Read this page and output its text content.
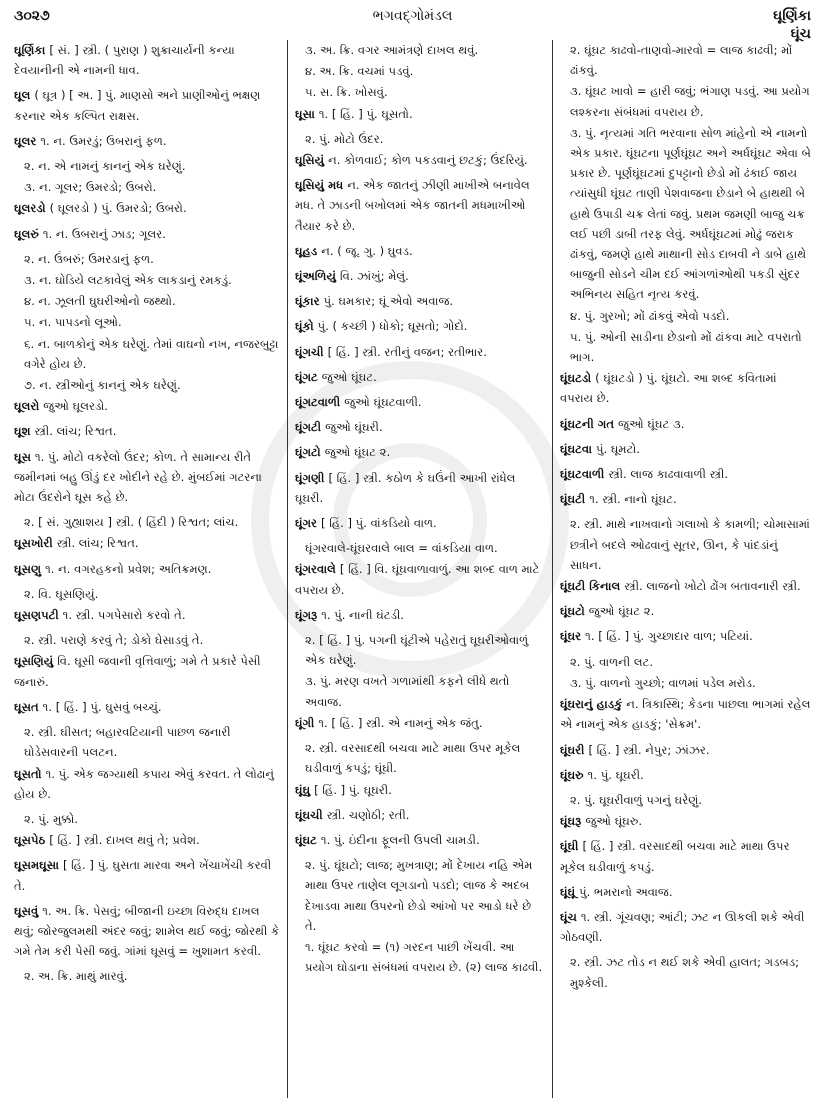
૩૦૨૭	ભગવદ્ગોમંડલ	ઘૂર્ણિકા
ઘૂંચ
ઘૂર્ણિકા [ સં. ] સ્ત્રી. ( પુરાણ ) શુક્રાચાર્યની કન્યા દેવયાનીની એ નામની ધાવ.
ઘૂલ ( ઘૂત્ર ) [ અ. ] પું. માણસો અને પ્રાણીઓનું ભક્ષણ કરનાર એક કલ્પિત રાક્ષસ.
ઘૂલર ૧. ન. ઉમરડું; ઉબરાનું ફળ.
૨. ન. એ નામનું કાનનું એક ઘરેણું.
૩. ન. ગૂલર; ઉમરડો; ઉબરો.
ઘૂલરડો ( ઘૂલરડો ) પું. ઉમરડો; ઉબરો.
ઘૂલરું ૧. ન. ઉબરાનું ઝાડ; ગૂલર.
૨. ન. ઉંબરું; ઉમરડાનું ફળ.
૩. ન. ઘોડિયે લટકાવેલું એક લાકડાનું રમકડું.
૪. ન. ઝૂલતી ઘુઘરીઓનો જથ્થો.
૫. ન. પાપડનો લૂઓ.
૬. ન. બાળકોનું એક ઘરેણું. તેમાં વાઘનો નખ, નજરબુટ્ટા વગેરે હોય છે.
૭. ન. સ્ત્રીઓનું કાનનું એક ઘરેણું.
ઘૂલરો જુઓ ઘૂલરડો.
ઘૂશ સ્ત્રી. લાંચ; રિશ્વત.
ઘૂસ ૧. પું. મોટો વકરેલો ઉંદર; કોળ. તે સામાન્ય રીતે જમીનમાં બહુ ઊંડું દર ખોદીને રહે છે. મુંબઈમાં ગટરના મોટા ઉંદરોને ઘૂસ કહે છે.
૨. [ સં. ગુહ્યાશય ] સ્ત્રી. ( હિંદી ) રિશ્વત; લાંચ.
ઘૂસખોરી સ્ત્રી. લાંચ; રિશ્વત.
ઘૂસણુ ૧. ન. વગરહકનો પ્રવેશ; અતિક્રમણ.
૨. વિ. ઘૂસણિયું.
ઘૂસણપટી ૧. સ્ત્રી. પગપેસારો કરવો તે.
૨. સ્ત્રી. પરાણે કરવું તે; ડોકો ઘેસાડવું તે.
ઘૂસણિયું વિ. ઘૂસી જવાની વૃત્તિવાળું; ગમે તે પ્રકારે પેસી જનારું.
ઘૂસત ૧. [ હિં. ] પું. ઘુસવું બચ્ચું.
૨. સ્ત્રી. ઘીસત; બહારવટિયાની પાછળ જનારી ઘોડેસવારની પલટન.
ઘૂસતો ૧. પું. એક જગ્યાથી કપાય એવું કરવત. તે લોઢાનું હોય છે.
૨. પું. મુક્કો.
ઘૂસપેઠ [ હિં. ] સ્ત્રી. દાખલ થવું તે; પ્રવેશ.
ઘૂસમઘૂસા [ હિં. ] પું. ઘુસતા મારવા અને ખેંચાખેંચી કરવી તે.
ઘૂસવું ૧. અ. ક્રિ. પેસવું; બીજાની ઇચ્છા વિરુદ્ધ દાખલ થવું; જોરજુલમથી અંદર જવું; શામેલ થઈ જવું; જોરથી કે ગમે તેમ કરી પેસી જવું. ગાંમાં ઘૂસવું = ખુશામત કરવી.
૨. અ. ક્રિ. માથું મારવું.
૩. અ. ક્રિ. વગર આમંત્રણે દાખલ થવું.
૪. અ. ક્રિ. વચમાં પડવું.
૫. સ. ક્રિ. ખોસવું.
ઘૂસા ૧. [ હિં. ] પું. ઘૂસતો.
૨. પું. મોટો ઉંદર.
ઘૂસિયું ન. કોળવાઈ; કોળ પકડવાનું છટકું; ઉંદરિયું.
ઘૂસિયું મધ ન. એક જાતનું ઝીણી માખીએ બનાવેલ મધ. તે ઝાડની બખોલમાં એક જાતની મધમાખીઓ તૈયાર કરે છે.
ઘૂહડ ન. ( જૂ. ગુ. ) ઘુવડ.
ઘૂંઅળિયું વિ. ઝાંખું; મેલું.
ઘૂંકાર પું. ઘમકાર; ઘૂં એવો અવાજ.
ઘૂંકો પું. ( કચ્છી ) ધોકો; ઘૂસતો; ગોદો.
ઘૂંગચી [ હિં. ] સ્ત્રી. રતીનું વજન; રતીભાર.
ઘૂંગટ જુઓ ઘૂંઘટ.
ઘૂંગટવાળી જુઓ ઘૂંઘટવાળી.
ઘૂંગટી જુઓ ઘૂંઘરી.
ઘૂંગટો જુઓ ઘૂંઘટ ૨.
ઘૂંગણી [ હિં. ] સ્ત્રી. કઠોળ કે ઘઉંની આખી રાંધેલ ઘૂઘરી.
ઘૂંગર [ હિં. ] પું. વાંકડિયો વાળ.
ઘૂંગરવાલે-ઘૂંઘરવાલે બાલ = વાંકડિયા વાળ.
ઘૂંગરવાલે [ હિં. ] વિ. ઘૂંઘવાળાવાળું. આ શબ્દ વાળ માટે વપરાય છે.
ઘૂંગરૂ ૧. પું. નાની ઘંટડી.
૨. [ હિં. ] પું. પગની ઘૂંટીએ પહેરાતું ઘૂઘરીઓવાળું એક ઘરેણું.
૩. પું. મરણ વખતે ગળામાંથી કફને લીધે થતો અવાજ.
ઘૂંગી ૧. [ હિં. ] સ્ત્રી. એ નામનું એક જંતુ.
૨. સ્ત્રી. વરસાદથી બચવા માટે માથા ઉપર મૂકેલ ઘડીવાળું કપડું; ઘૂંઘી.
ઘૂંઘુ [ હિં. ] પું. ઘૂઘરી.
ઘૂંઘચી સ્ત્રી. ચણોઠી; રતી.
ઘૂંઘટ ૧. પું. ઇંદીના ફૂલની ઉપલી ચામડી.
૨. પું. ઘૂંઘટો; લાજ; મુખત્રાણ; મોં દેખાય નહિ એમ માથા ઉપર તાણેલ લૂગડાનો પડદો; લાજ કે અદબ દેખાડવા માથા ઉપરનો છેડો આંખો પર આડો ધરે છે તે.
૧. ઘૂંઘટ કરવો = (૧) ગરદન પાછી ખેંચવી. આ પ્રયોગ ઘોડાના સંબંધમાં વપરાય છે. (૨) લાજ કાઢવી.
૨. ઘૂંઘટ કાઢવો-તાણવો-મારવો = લાજ કાઢવી; મોં ઢાંકવું.
૩. ઘૂંઘટ ખાવો = હારી જવું; ભંગાણ પડવું. આ પ્રયોગ લશ્કરના સંબંધમાં વપરાય છે.
૩. પું. નૃત્યમાં ગતિ ભરવાના સોળ માંહેનો એ નામનો એક પ્રકાર. ઘૂંઘટના પૂર્ણઘૂંઘટ અને અર્ધઘૂંઘટ એવા બે પ્રકાર છે. પૂર્ણઘૂંઘટમાં દુપટ્ટાનો છેડો મોં ઢંકાઈ જાય ત્યાંસુધી ઘૂંઘટ તાણી પેશવાજના છેડાને બે હાથથી બે હાથે ઉપાડી ચક્ર લેતાં જવું. પ્રથમ જમણી બાજુ ચક્ર લઈ પછી ડાબી તરફ લેવું. અર્ધઘૂંઘટમાં મોઢું જરાક ઢાંકવું, જમણે હાથે માથાની સોડ દાબવી ને ડાબે હાથે બાજુની સોડને ચીમ દઈ આંગળાંઓથી પકડી સુંદર અભિનય સહિત નૃત્ય કરવું.
૪. પું. ગુરખો; મોં ઢાંકવું એવો પડદો.
૫. પું. ઓની સાડીના છેડાનો મોં ઢાંકવા માટે વપરાતો ભાગ.
ઘૂંઘટડો ( ઘૂંઘટડો ) પું. ઘૂંઘટો. આ શબ્દ કવિતામાં વપરાય છે.
ઘૂંઘટની ગત જુઓ ઘૂંઘટ ૩.
ઘૂંઘટવા પું. ઘૂમટો.
ઘૂંઘટવાળી સ્ત્રી. લાજ કાઢવાવાળી સ્ત્રી.
ઘૂંઘટી ૧. સ્ત્રી. નાનો ઘૂંઘટ.
૨. સ્ત્રી. માથે નાખવાનો ગલાખો કે કામળી; ચોમાસામાં છત્રીને બદલે ઓઢવાનું સૂતર, ઊન, કે પાંદડાંનું સાધન.
ઘૂંઘટી કિનાલ સ્ત્રી. લાજનો ખોટો ઢોંગ બતાવનારી સ્ત્રી.
ઘૂંઘટો જુઓ ઘૂંઘટ ૨.
ઘૂંઘર ૧. [ હિં. ] પું. ગુચ્છાદાર વાળ; પટિયાં.
૨. પું. વાળની લટ.
૩. પું. વાળનો ગુચ્છો; વાળમાં પડેલ મરોડ.
ઘૂંઘરાનું હાડકું ન. ત્રિકાસ્થિ; કેડના પાછલા ભાગમાં રહેલ એ નામનું એક હાડકું; 'સેક્રમ'.
ઘૂંઘરી [ હિં. ] સ્ત્રી. નેપુર; ઝાંઝર.
ઘૂંઘરુ ૧. પું. ઘૂઘરી.
૨. પું. ઘૂઘરીવાળું પગનું ઘરેણું.
ઘૂંઘરૂ જુઓ ઘૂંઘરુ.
ઘૂંઘી [ હિં. ] સ્ત્રી. વરસાદથી બચવા માટે માથા ઉપર મૂકેલ ઘડીવાળું કપડું.
ઘૂંઘૂં પું. ભમરાનો અવાજ.
ઘૂંચ ૧. સ્ત્રી. ગૂંચવણ; આંટી; ઝટ ન ઊકલી શકે એવી ગોઠવણી.
૨. સ્ત્રી. ઝટ તોડ ન થઈ શકે એવી હાલત; ગડબડ; મુશ્કેલી.
